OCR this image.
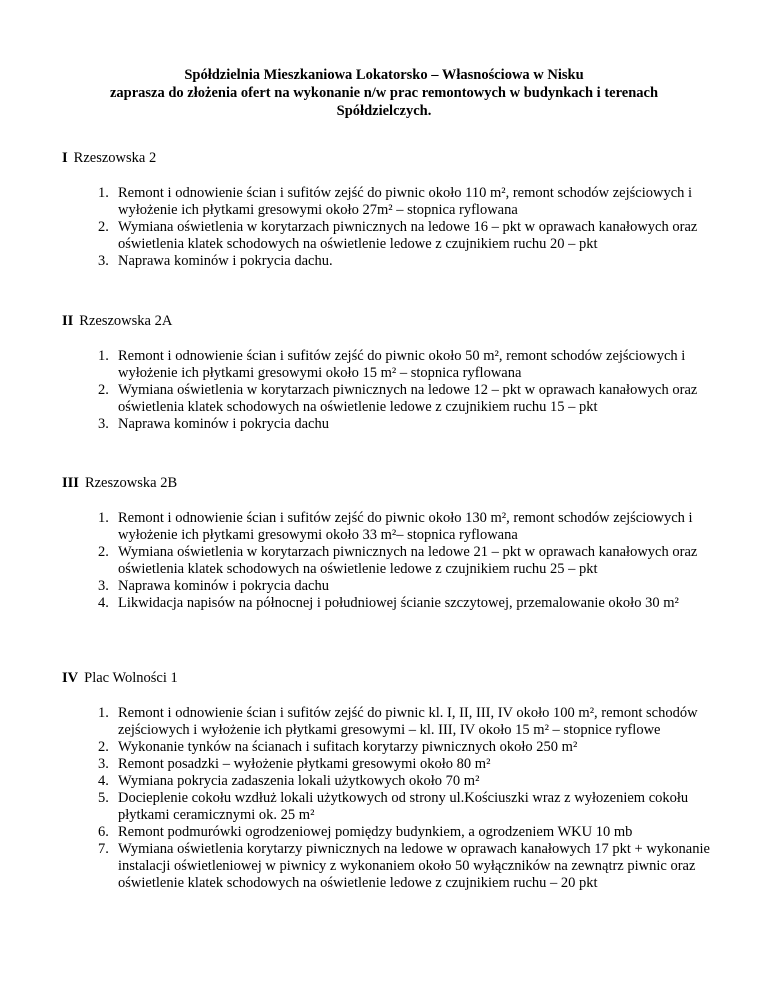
Spółdzielnia Mieszkaniowa Lokatorsko – Własnościowa w Nisku
zaprasza do złożenia ofert na wykonanie n/w prac remontowych w budynkach i terenach
Spółdzielczych.

I Rzeszowska 2

1. Remont i odnowienie ścian i sufitów zejść do piwnic około 110 m², remont schodów zejściowych i wyłożenie ich płytkami gresowymi około 27m² – stopnica ryflowana
2. Wymiana oświetlenia w korytarzach piwnicznych na ledowe 16 – pkt w oprawach kanałowych oraz oświetlenia klatek schodowych na oświetlenie ledowe z czujnikiem ruchu 20 – pkt
3. Naprawa kominów i pokrycia dachu.

II Rzeszowska 2A

1. Remont i odnowienie ścian i sufitów zejść do piwnic około 50 m², remont schodów zejściowych i wyłożenie ich płytkami gresowymi około 15 m² – stopnica ryflowana
2. Wymiana oświetlenia w korytarzach piwnicznych na ledowe 12 – pkt w oprawach kanałowych oraz oświetlenia klatek schodowych na oświetlenie ledowe z czujnikiem ruchu 15 – pkt
3. Naprawa kominów i pokrycia dachu

III Rzeszowska 2B

1. Remont i odnowienie ścian i sufitów zejść do piwnic około 130 m², remont schodów zejściowych i wyłożenie ich płytkami gresowymi około 33 m²– stopnica ryflowana
2. Wymiana oświetlenia w korytarzach piwnicznych na ledowe 21 – pkt w oprawach kanałowych oraz oświetlenia klatek schodowych na oświetlenie ledowe z czujnikiem ruchu 25 – pkt
3. Naprawa kominów i pokrycia dachu
4. Likwidacja napisów na północnej i południowej ścianie szczytowej, przemalowanie około 30 m²

IV Plac Wolności 1

1. Remont i odnowienie ścian i sufitów zejść do piwnic kl. I, II, III, IV około 100 m², remont schodów zejściowych i wyłożenie ich płytkami gresowymi – kl. III, IV około 15 m² – stopnice ryflowe
2. Wykonanie tynków na ścianach i sufitach korytarzy piwnicznych około 250 m²
3. Remont posadzki – wyłożenie płytkami gresowymi około 80 m²
4. Wymiana pokrycia zadaszenia lokali użytkowych około 70 m²
5. Docieplenie cokołu wzdłuż lokali użytkowych od strony ul.Kościuszki wraz z wyłozeniem cokołu płytkami ceramicznymi ok. 25 m²
6. Remont podmurówki ogrodzeniowej pomiędzy budynkiem, a ogrodzeniem WKU 10 mb
7. Wymiana oświetlenia korytarzy piwnicznych na ledowe w oprawach kanałowych 17 pkt + wykonanie instalacji oświetleniowej w piwnicy z wykonaniem około 50 wyłączników na zewnątrz piwnic oraz oświetlenie klatek schodowych na oświetlenie ledowe z czujnikiem ruchu – 20 pkt
